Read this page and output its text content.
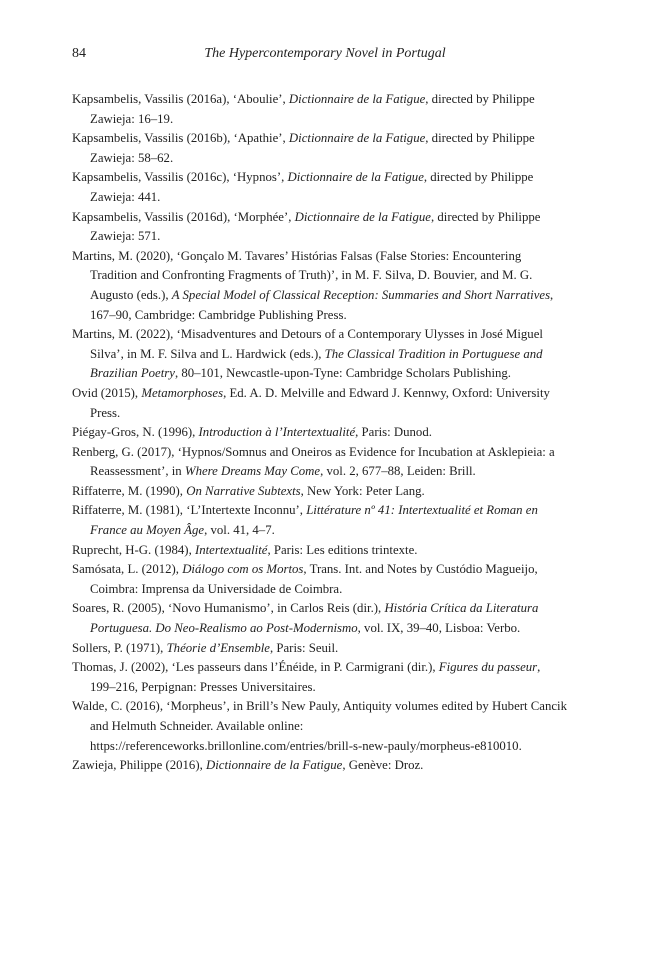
84	The Hypercontemporary Novel in Portugal

Kapsambelis, Vassilis (2016a), ‘Aboulie’, Dictionnaire de la Fatigue, directed by Philippe Zawieja: 16–19.

Kapsambelis, Vassilis (2016b), ‘Apathie’, Dictionnaire de la Fatigue, directed by Philippe Zawieja: 58–62.

Kapsambelis, Vassilis (2016c), ‘Hypnos’, Dictionnaire de la Fatigue, directed by Philippe Zawieja: 441.

Kapsambelis, Vassilis (2016d), ‘Morphée’, Dictionnaire de la Fatigue, directed by Philippe Zawieja: 571.

Martins, M. (2020), ‘Gonçalo M. Tavares’ Histórias Falsas (False Stories: Encountering Tradition and Confronting Fragments of Truth)’, in M. F. Silva, D. Bouvier, and M. G. Augusto (eds.), A Special Model of Classical Reception: Summaries and Short Narratives, 167–90, Cambridge: Cambridge Publishing Press.

Martins, M. (2022), ‘Misadventures and Detours of a Contemporary Ulysses in José Miguel Silva’, in M. F. Silva and L. Hardwick (eds.), The Classical Tradition in Portuguese and Brazilian Poetry, 80–101, Newcastle-upon-Tyne: Cambridge Scholars Publishing.

Ovid (2015), Metamorphoses, Ed. A. D. Melville and Edward J. Kennwy, Oxford: University Press.

Piégay-Gros, N. (1996), Introduction à l’Intertextualité, Paris: Dunod.

Renberg, G. (2017), ‘Hypnos/Somnus and Oneiros as Evidence for Incubation at Asklepieia: a Reassessment’, in Where Dreams May Come, vol. 2, 677–88, Leiden: Brill.

Riffaterre, M. (1990), On Narrative Subtexts, New York: Peter Lang.

Riffaterre, M. (1981), ‘L’Intertexte Inconnu’, Littérature nº 41: Intertextualité et Roman en France au Moyen Âge, vol. 41, 4–7.

Ruprecht, H-G. (1984), Intertextualité, Paris: Les editions trintexte.

Samósata, L. (2012), Diálogo com os Mortos, Trans. Int. and Notes by Custódio Magueijo, Coimbra: Imprensa da Universidade de Coimbra.

Soares, R. (2005), ‘Novo Humanismo’, in Carlos Reis (dir.), História Crítica da Literatura Portuguesa. Do Neo-Realismo ao Post-Modernismo, vol. IX, 39–40, Lisboa: Verbo.

Sollers, P. (1971), Théorie d’Ensemble, Paris: Seuil.

Thomas, J. (2002), ‘Les passeurs dans l’Énéide, in P. Carmigrani (dir.), Figures du passeur, 199–216, Perpignan: Presses Universitaires.

Walde, C. (2016), ‘Morpheus’, in Brill’s New Pauly, Antiquity volumes edited by Hubert Cancik and Helmuth Schneider. Available online: https://referenceworks.brillonline.com/entries/brill-s-new-pauly/morpheus-e810010.

Zawieja, Philippe (2016), Dictionnaire de la Fatigue, Genève: Droz.
